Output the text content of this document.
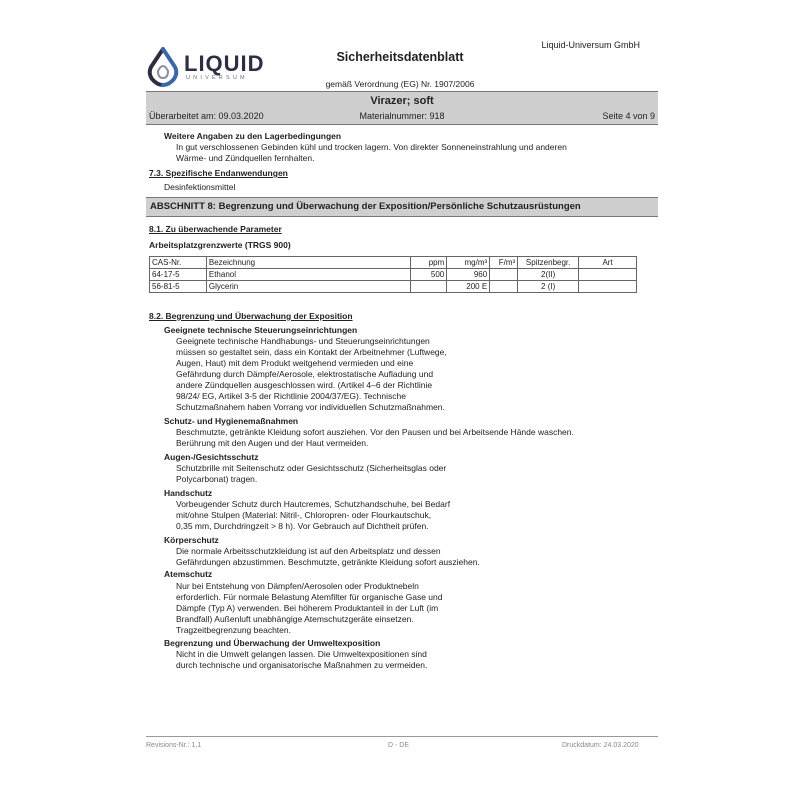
LIQUID
UNIVERSUM
Sicherheitsdatenblatt
Liquid-Universum GmbH
gemäß Verordnung (EG) Nr. 1907/2006
Virazer; soft
Überarbeitet am: 09.03.2020	Materialnummer: 918	Seite 4 von 9
Weitere Angaben zu den Lagerbedingungen
In gut verschlossenen Gebinden kühl und trocken lagern. Von direkter Sonneneinstrahlung und anderen
Wärme- und Zündquellen fernhalten.
7.3. Spezifische Endanwendungen
Desinfektionsmittel
ABSCHNITT 8: Begrenzung und Überwachung der Exposition/Persönliche Schutzausrüstungen
8.1. Zu überwachende Parameter
Arbeitsplatzgrenzwerte (TRGS 900)
CAS-Nr.	Bezeichnung	ppm	mg/m³	F/m³	Spitzenbegr.	Art
64-17-5	Ethanol	500	960		2(II)	
56-81-5	Glycerin		200 E		2 (I)	
8.2. Begrenzung und Überwachung der Exposition
Geeignete technische Steuerungseinrichtungen
Geeignete technische Handhabungs- und Steuerungseinrichtungen
müssen so gestaltet sein, dass ein Kontakt der Arbeitnehmer (Luftwege,
Augen, Haut) mit dem Produkt weitgehend vermieden und eine
Gefährdung durch Dämpfe/Aerosole, elektrostatische Aufladung und
andere Zündquellen ausgeschlossen wird. (Artikel 4–6 der Richtlinie
98/24/ EG, Artikel 3-5 der Richtlinie 2004/37/EG). Technische
Schutzmaßnahem haben Vorrang vor individuellen Schutzmaßnahmen.
Schutz- und Hygienemaßnahmen
Beschmutzte, getränkte Kleidung sofort ausziehen. Vor den Pausen und bei Arbeitsende Hände waschen.
Berührung mit den Augen und der Haut vermeiden.
Augen-/Gesichtsschutz
Schutzbrille mit Seitenschutz oder Gesichtsschutz (Sicherheitsglas oder
Polycarbonat) tragen.
Handschutz
Vorbeugender Schutz durch Hautcremes, Schutzhandschuhe, bei Bedarf
mit/ohne Stulpen (Material: Nitril-, Chloropren- oder Flourkautschuk,
0,35 mm, Durchdringzeit > 8 h). Vor Gebrauch auf Dichtheit prüfen.
Körperschutz
Die normale Arbeitsschutzkleidung ist auf den Arbeitsplatz und dessen
Gefährdungen abzustimmen. Beschmutzte, getränkte Kleidung sofort ausziehen.
Atemschutz
Nur bei Entstehung von Dämpfen/Aerosolen oder Produktnebeln
erforderlich. Für normale Belastung Atemfilter für organische Gase und
Dämpfe (Typ A) verwenden. Bei höherem Produktanteil in der Luft (im
Brandfall) Außenluft unabhängige Atemschutzgeräte einsetzen.
Tragzeitbegrenzung beachten.
Begrenzung und Überwachung der Umweltexposition
Nicht in die Umwelt gelangen lassen. Die Umweltexpositionen sind
durch technische und organisatorische Maßnahmen zu vermeiden.
Revisions-Nr.: 1,1	D - DE	Druckdatum: 24.03.2020
